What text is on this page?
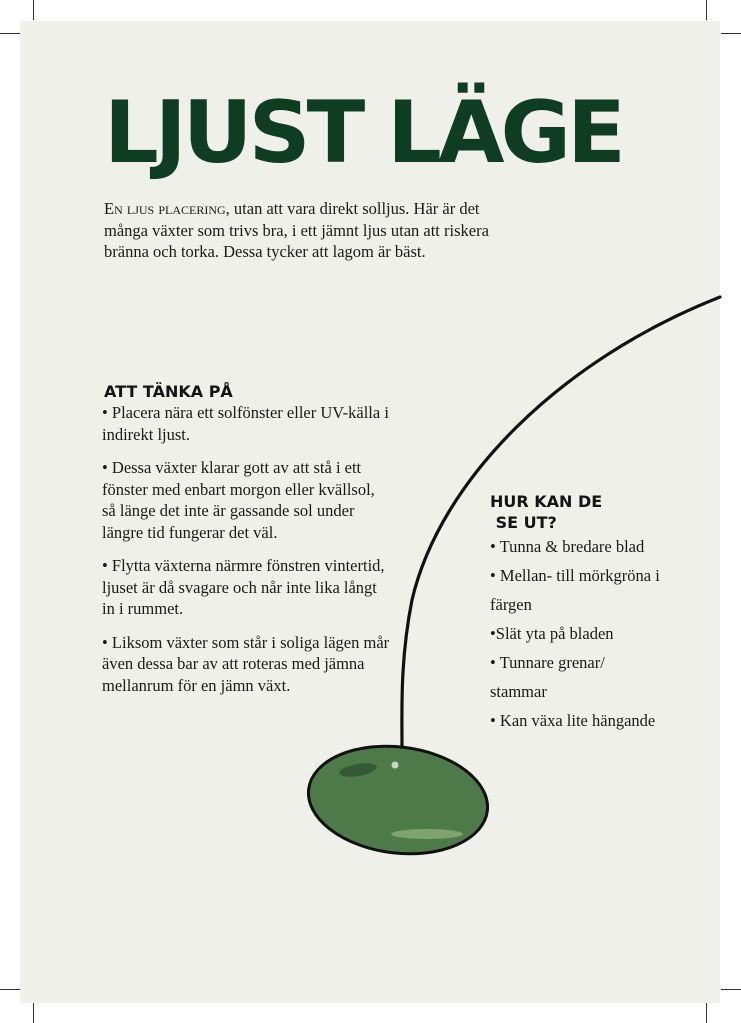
LJUST LÄGE
En ljus placering, utan att vara direkt solljus. Här är det många växter som trivs bra, i ett jämnt ljus utan att riskera bränna och torka. Dessa tycker att lagom är bäst.
ATT TÄNKA PÅ

• Placera nära ett solfönster eller UV-källa i indirekt ljust.

• Dessa växter klarar gott av att stå i ett fönster med enbart morgon eller kvällsol, så länge det inte är gassande sol under längre tid fungerar det väl.

• Flytta växterna närmre fönstren vintertid, ljuset är då svagare och når inte lika långt in i rummet.

• Liksom växter som står i soliga lägen mår även dessa bar av att roteras med jämna mellanrum för en jämn växt.

HUR KAN DE
SE UT?

• Tunna & bredare blad

• Mellan- till mörkgröna i färgen

•Slät yta på bladen

• Tunnare grenar/ stammar

• Kan växa lite hängande
